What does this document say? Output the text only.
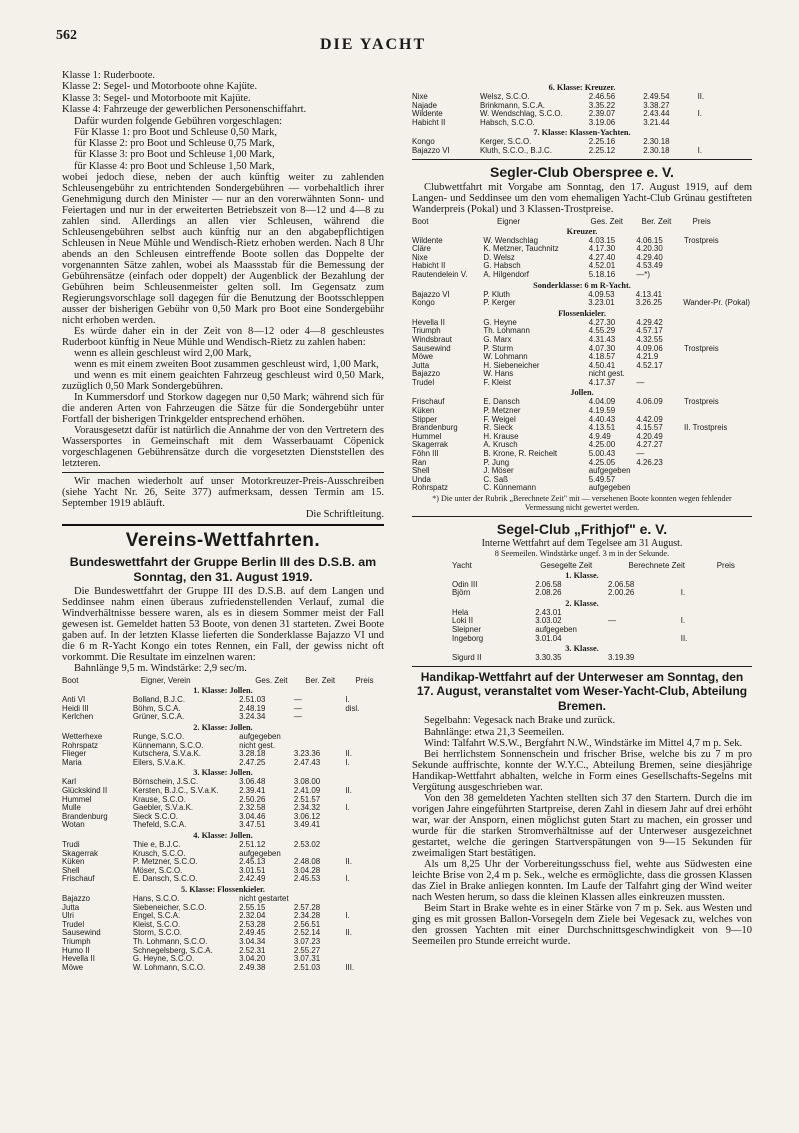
562
DIE YACHT
Klasse 1: Ruderboote.
Klasse 2: Segel- und Motorboote ohne Kajüte.
Klasse 3: Segel- und Motorboote mit Kajüte.
Klasse 4: Fahrzeuge der gewerblichen Personenschiffahrt.

Dafür wurden folgende Gebühren vorgeschlagen:

Für Klasse 1: pro Boot und Schleuse 0,50 Mark,
für Klasse 2: pro Boot und Schleuse 0,75 Mark,
für Klasse 3: pro Boot und Schleuse 1,00 Mark,
für Klasse 4: pro Boot und Schleuse 1,50 Mark,

wobei jedoch diese, neben der auch künftig weiter zu zahlenden Schleusengebühr zu entrichtenden Sondergebühren — vorbehaltlich ihrer Genehmigung durch den Minister — nur an den vorerwähnten Sonn- und Feiertagen und nur in der erweiterten Betriebszeit von 8—12 und 4—8 zu zahlen sind. Allerdings an allen vier Schleusen, während die Schleusengebühren selbst auch künftig nur an den abgabepflichtigen Schleusen in Neue Mühle und Wendisch-Rietz erhoben werden. Nach 8 Uhr abends an den Schleusen eintreffende Boote sollen das Doppelte der vorgenannten Sätze zahlen, wobei als Maassstab für die Bemessung der Gebührensätze (einfach oder doppelt) der Augenblick der Bezahlung der Gebühren beim Schleusenmeister gelten soll. Im Gegensatz zum Regierungsvorschlage soll dagegen für die Benutzung der Bootsschleppen ausser der bisherigen Gebühr von 0,50 Mark pro Boot eine Sondergebühr nicht erhoben werden.

Es würde daher ein in der Zeit von 8—12 oder 4—8 geschleustes Ruderboot künftig in Neue Mühle und Wendisch-Rietz zu zahlen haben:

wenn es allein geschleust wird 2,00 Mark,

wenn es mit einem zweiten Boot zusammen geschleust wird, 1,00 Mark,

und wenn es mit einem geaichten Fahrzeug geschleust wird 0,50 Mark, zuzüglich 0,50 Mark Sondergebühren.

In Kummersdorf und Storkow dagegen nur 0,50 Mark; während sich für die anderen Arten von Fahrzeugen die Sätze für die Sondergebühr unter Fortfall der bisherigen Trinkgelder entsprechend erhöhen.

Vorausgesetzt dafür ist natürlich die Annahme der von den Vertretern des Wassersportes in Gemeinschaft mit dem Wasserbauamt Cöpenick vorgeschlagenen Gebührensätze durch die vorgesetzten Dienststellen des letzteren.

Wir machen wiederholt auf unser Motorkreuzer-Preis-Ausschreiben (siehe Yacht Nr. 26, Seite 377) aufmerksam, dessen Termin am 15. September 1919 abläuft.

Die Schriftleitung.
Vereins-Wettfahrten.
Bundeswettfahrt der Gruppe Berlin III des D.S.B. am Sonntag, den 31. August 1919.

Die Bundeswettfahrt der Gruppe III des D.S.B. auf dem Langen und Seddinsee nahm einen überaus zufriedenstellenden Verlauf, zumal die Windverhältnisse bessere waren, als es in diesem Sommer meist der Fall gewesen ist. Gemeldet hatten 53 Boote, von denen 31 starteten. Zwei Boote gaben auf. In der letzten Klasse lieferten die Sonderklasse Bajazzo VI und die 6 m R-Yacht Kongo ein totes Rennen, ein Fall, der gewiss nicht oft vorkommt. Die Resultate im einzelnen waren:

Bahnlänge 9,5 m. Windstärke: 2,9 sec/m.

Boot	Eigner, Verein	Ges. Zeit	Ber. Zeit	Preis
1. Klasse: Jollen.
Anti VI	Bolland, B.J.C.	2.51.03	—	I.
Heidi III	Böhm, S.C.A.	2.48.19	—	disl.
Kerlchen	Grüner, S.C.A.	3.24.34	—	
2. Klasse: Jollen.
Wetterhexe	Runge, S.C.O.	aufgegeben		
Rohrspatz	Künnemann, S.C.O.	nicht gest.		
Flieger	Kutschera, S.V.a.K.	3.28.18	3.23.36	II.
Maria	Eilers, S.V.a.K.	2.47.25	2.47.43	I.
3. Klasse: Jollen.
Karl	Börnschein, J.S.C.	3.06.48	3.08.00	
Glückskind II	Kersten, B.J.C., S.V.a.K.	2.39.41	2.41.09	II.
Hummel	Krause, S.C.O.	2.50.26	2.51.57	
Mulle	Gaebler, S.V.a.K.	2.32.58	2.34.32	I.
Brandenburg	Sieck S.C.O.	3.04.46	3.06.12	
Wotan	Thefeld, S.C.A.	3.47.51	3.49.41	
4. Klasse: Jollen.
Trudi	Thie e, B.J.C.	2.51.12	2.53.02	
Skagerrak	Krusch, S.C.O.	aufgegeben		
Küken	P. Metzner, S.C.O.	2.45.13	2.48.08	II.
Shell	Möser, S.C.O.	3.01.51	3.04.28	
Frischauf	E. Dansch, S.C.O.	2.42.49	2.45.53	I.
5. Klasse: Flossenkieler.
Bajazzo	Hans, S.C.O.	nicht gestartet		
Jutta	Siebeneicher, S.C.O.	2.55.15	2.57.28	
Ulri	Engel, S.C.A.	2.32.04	2.34.28	I.
Trudel	Kleist, S.C.O.	2.53.28	2.56.51	
Sausewind	Storm, S.C.O.	2.49.45	2.52.14	II.
Triumph	Th. Lohmann, S.C.O.	3.04.34	3.07.23	
Humo II	Schnegelsberg, S.C.A.	2.52.31	2.55.27	
Hevella II	G. Heyne, S.C.O.	3.04.20	3.07.31	
Möwe	W. Lohmann, S.C.O.	2.49.38	2.51.03	III.
6. Klasse: Kreuzer.
Nixe	Welsz, S.C.O.	2.46.56	2.49.54	II.
Najade	Brinkmann, S.C.A.	3.35.22	3.38.27	
Wildente	W. Wendschlag, S.C.O.	2.39.07	2.43.44	I.
Habicht II	Habsch, S.C.O.	3.19.06	3.21.44	
7. Klasse: Klassen-Yachten.
Kongo	Kerger, S.C.O.	2.25.16	2.30.18	
Bajazzo VI	Kluth, S.C.O., B.J.C.	2.25.12	2.30.18	I.
Segler-Club Oberspree e. V.

Clubwettfahrt mit Vorgabe am Sonntag, den 17. August 1919, auf dem Langen- und Seddinsee um den vom ehemaligen Yacht-Club Grünau gestifteten Wanderpreis (Pokal) und 3 Klassen-Trostpreise.

Boot	Eigner	Ges. Zeit	Ber. Zeit	Preis
Kreuzer.
Wildente	W. Wendschlag	4.03.15	4.06.15	Trostpreis
Cläre	K. Metzner, Tauchnitz	4.17.30	4.20.30	
Nixe	D. Welsz	4.27.40	4.29.40	
Habicht II	G. Habsch	4.52.01	4.53.49	
Rautendelein V.	A. Hilgendorf	5.18.16	—*)	
Sonderklasse: 6 m R-Yacht.
Bajazzo VI	P. Kluth	4.09.53	4.13.41	
Kongo	P. Kerger	3.23.01	3.26.25	Wander-Pr. (Pokal)
Flossenkieler.
Hevella II	G. Heyne	4.27.30	4.29.42	
Triumph	Th. Lohmann	4.55.29	4.57.17	
Windsbraut	G. Marx	4.31.43	4.32.55	
Sausewind	P. Sturm	4.07.30	4.09.06	Trostpreis
Möwe	W. Lohmann	4.18.57	4.21.9	
Jutta	H. Siebeneicher	4.50.41	4.52.17	
Bajazzo	W. Hans	nicht gest.		
Trudel	F. Kleist	4.17.37	—	
Jollen.
Frischauf	E. Dansch	4.04.09	4.06.09	Trostpreis
Küken	P. Metzner	4.19.59		
Stipper	F. Weigel	4.40.43	4.42.09	
Brandenburg	R. Sieck	4.13.51	4.15.57	II. Trostpreis
Hummel	H. Krause	4.9.49	4.20.49	
Skagerrak	A. Krusch	4.25.00	4.27.27	
Föhn III	B. Krone, R. Reichelt	5.00.43	—	
Ran	P. Jung	4.25.05	4.26.23	
Shell	J. Möser	aufgegeben		
Unda	C. Saß	5.49.57		
Rohrspatz	C. Künnemann	aufgegeben		
*) Die unter der Rubrik „Berechnete Zeit" mit — versehenen Boote konnten wegen fehlender Vermessung nicht gewertet werden.
Segel-Club „Frithjof" e. V.
Interne Wettfahrt auf dem Tegelsee am 31 August.
8 Seemeilen. Windstärke ungef. 3 m in der Sekunde.
Yacht	Gesegelte Zeit	Berechnete Zeit	Preis
1. Klasse.
Odin III	2.06.58	2.06.58	
Björn	2.08.26	2.00.26	I.
2. Klasse.
Hela	2.43.01		
Loki II	3.03.02	—	I.
Sleipner	aufgegeben		
Ingeborg	3.01.04		II.
3. Klasse.
Sigurd II	3.30.35	3.19.39	
Handikap-Wettfahrt auf der Unterweser am Sonntag, den 17. August, veranstaltet vom Weser-Yacht-Club, Abteilung Bremen.
Segelbahn: Vegesack nach Brake und zurück.
Bahnlänge: etwa 21,3 Seemeilen.
Wind: Talfahrt W.S.W., Bergfahrt N.W., Windstärke im Mittel 4,7 m p. Sek.

Bei herrlichstem Sonnenschein und frischer Brise, welche bis zu 7 m pro Sekunde auffrischte, konnte der W.Y.C., Abteilung Bremen, seine diesjährige Handikap-Wettfahrt abhalten, welche in Form eines Gesellschafts-Segelns mit Vergütung ausgeschrieben war.

Von den 38 gemeldeten Yachten stellten sich 37 den Startern. Durch die im vorigen Jahre eingeführten Startpreise, deren Zahl in diesem Jahr auf drei erhöht war, war der Ansporn, einen möglichst guten Start zu machen, ein grosser und wurde für die starken Stromverhältnisse auf der Unterweser ausgezeichnet gestartet, welche die geringen Startverspätungen von 9—15 Sekunden für zweimaligen Start bestätigen.

Als um 8,25 Uhr der Vorbereitungsschuss fiel, wehte aus Südwesten eine leichte Brise von 2,4 m p. Sek., welche es ermöglichte, dass die grossen Klassen das Ziel in Brake anliegen konnten. Im Laufe der Talfahrt ging der Wind weiter nach Westen herum, so dass die kleinen Klassen alles einkreuzen mussten.

Beim Start in Brake wehte es in einer Stärke von 7 m p. Sek. aus Westen und ging es mit grossen Ballon-Vorsegeln dem Ziele bei Vegesack zu, welches von den grossen Yachten mit einer Durchschnittsgeschwindigkeit von 9—10 Seemeilen pro Stunde erreicht wurde.
